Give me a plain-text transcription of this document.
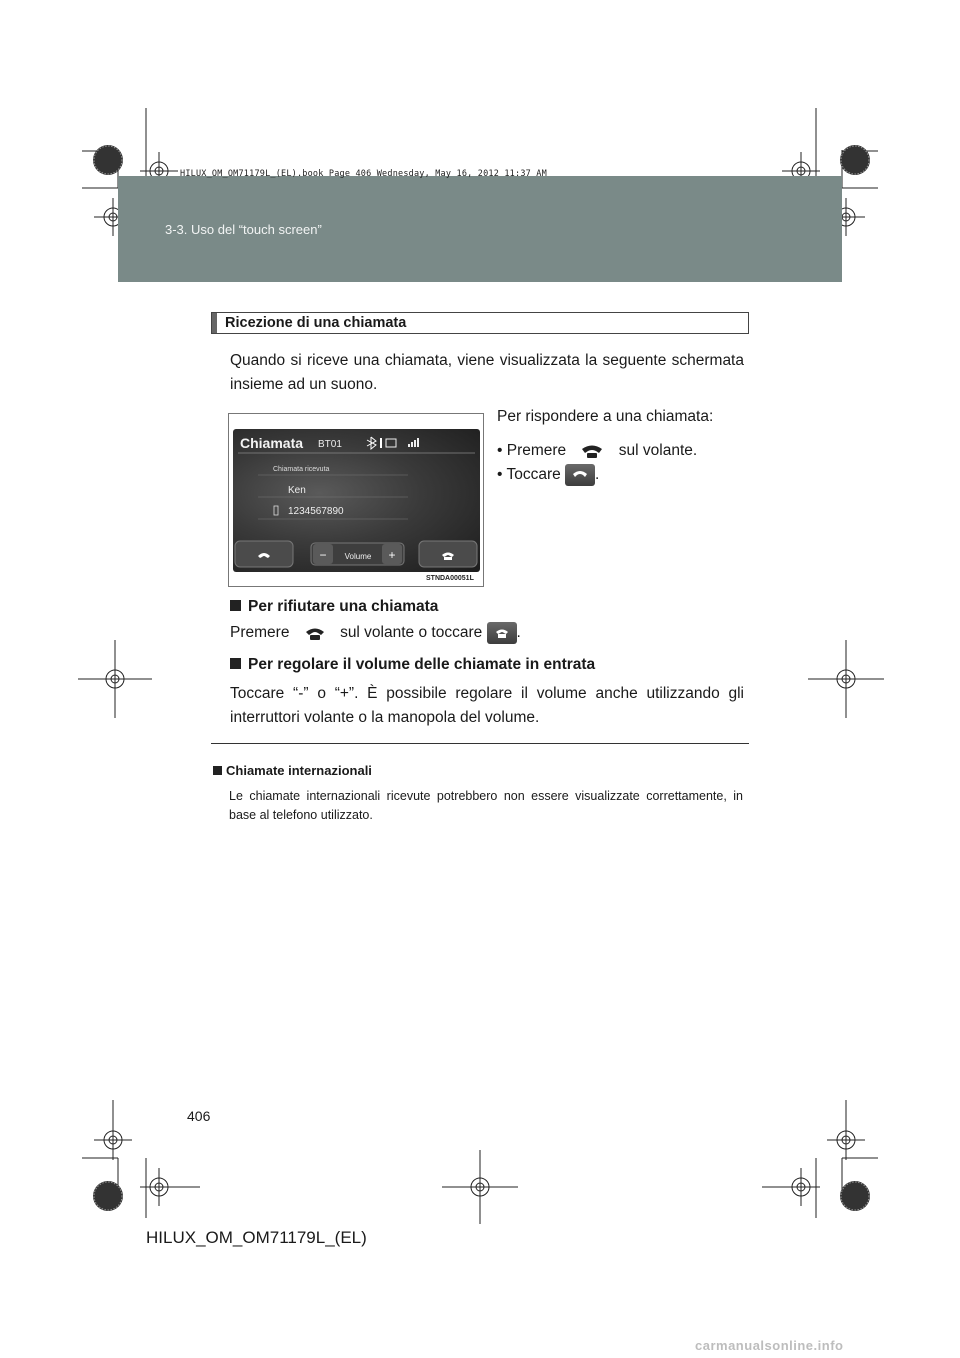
HILUX_OM_OM71179L_(EL).book Page 406 Wednesday, May 16, 2012 11:37 AM
3-3. Uso del “touch screen”
Ricezione di una chiamata
Quando si riceve una chiamata, viene visualizzata la seguente schermata insieme ad un suono.
Per rispondere a una chiamata:
• Premere	sul volante.
• Toccare .
Chiamata BT01
Chiamata ricevuta
Ken
1234567890
− Volume +
STNDA00051L
Per rifiutare una chiamata
Premere	sul volante o toccare .
Per regolare il volume delle chiamate in entrata
Toccare “-” o “+”. È possibile regolare il volume anche utilizzando gli interruttori volante o la manopola del volume.
Chiamate internazionali
Le chiamate internazionali ricevute potrebbero non essere visualizzate correttamente, in base al telefono utilizzato.
406
HILUX_OM_OM71179L_(EL)
carmanualsonline.info
